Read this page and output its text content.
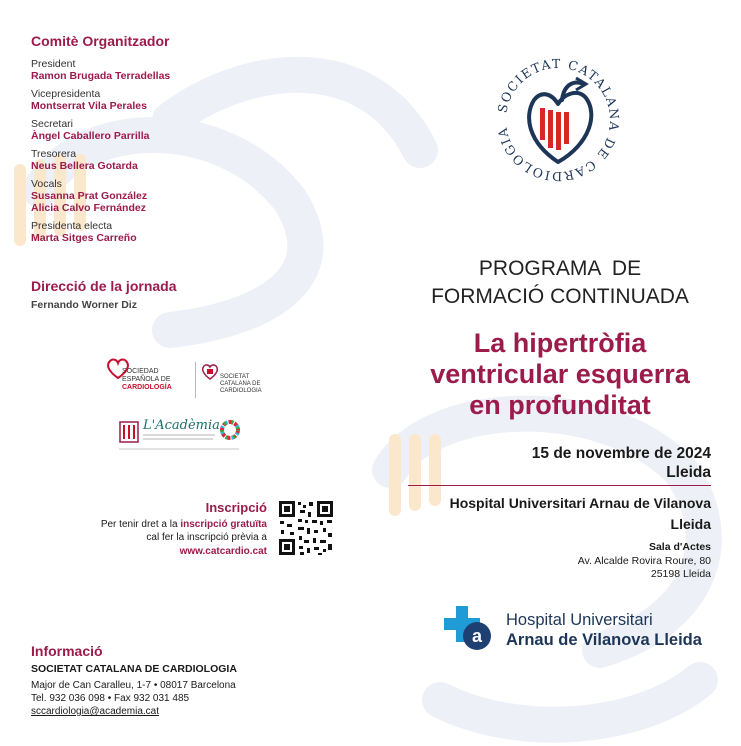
Comitè Organitzador
President
Ramon Brugada Terradellas
Vicepresidenta
Montserrat Vila Perales
Secretari
Àngel Caballero Parrilla
Tresorera
Neus Bellera Gotarda
Vocals
Susanna Prat González
Alicia Calvo Fernández
Presidenta electa
Marta Sitges Carreño
Direcció de la jornada
Fernando Worner Diz
SOCIEDAD
ESPAÑOLA DE
CARDIOLOGÍA
SOCIETAT
CATALANA DE
CARDIOLOGIA
L'Acadèmia
Inscripció
Per tenir dret a la inscripció gratuïta
cal fer la inscripció prèvia a
www.catcardio.cat
Informació
SOCIETAT CATALANA DE CARDIOLOGIA
Major de Can Caralleu, 1-7 • 08017 Barcelona
Tel. 932 036 098 • Fax 932 031 485
sccardiologia@academia.cat
SOCIETAT CATALANA DE CARDIOLOGIA
PROGRAMA  DE
FORMACIÓ CONTINUADA
La hipertròfia
ventricular esquerra
en profunditat
15 de novembre de 2024
Lleida
Hospital Universitari Arnau de Vilanova
Lleida
Sala d'Actes
Av. Alcalde Rovira Roure, 80
25198 Lleida
a
Hospital Universitari
Arnau de Vilanova Lleida
